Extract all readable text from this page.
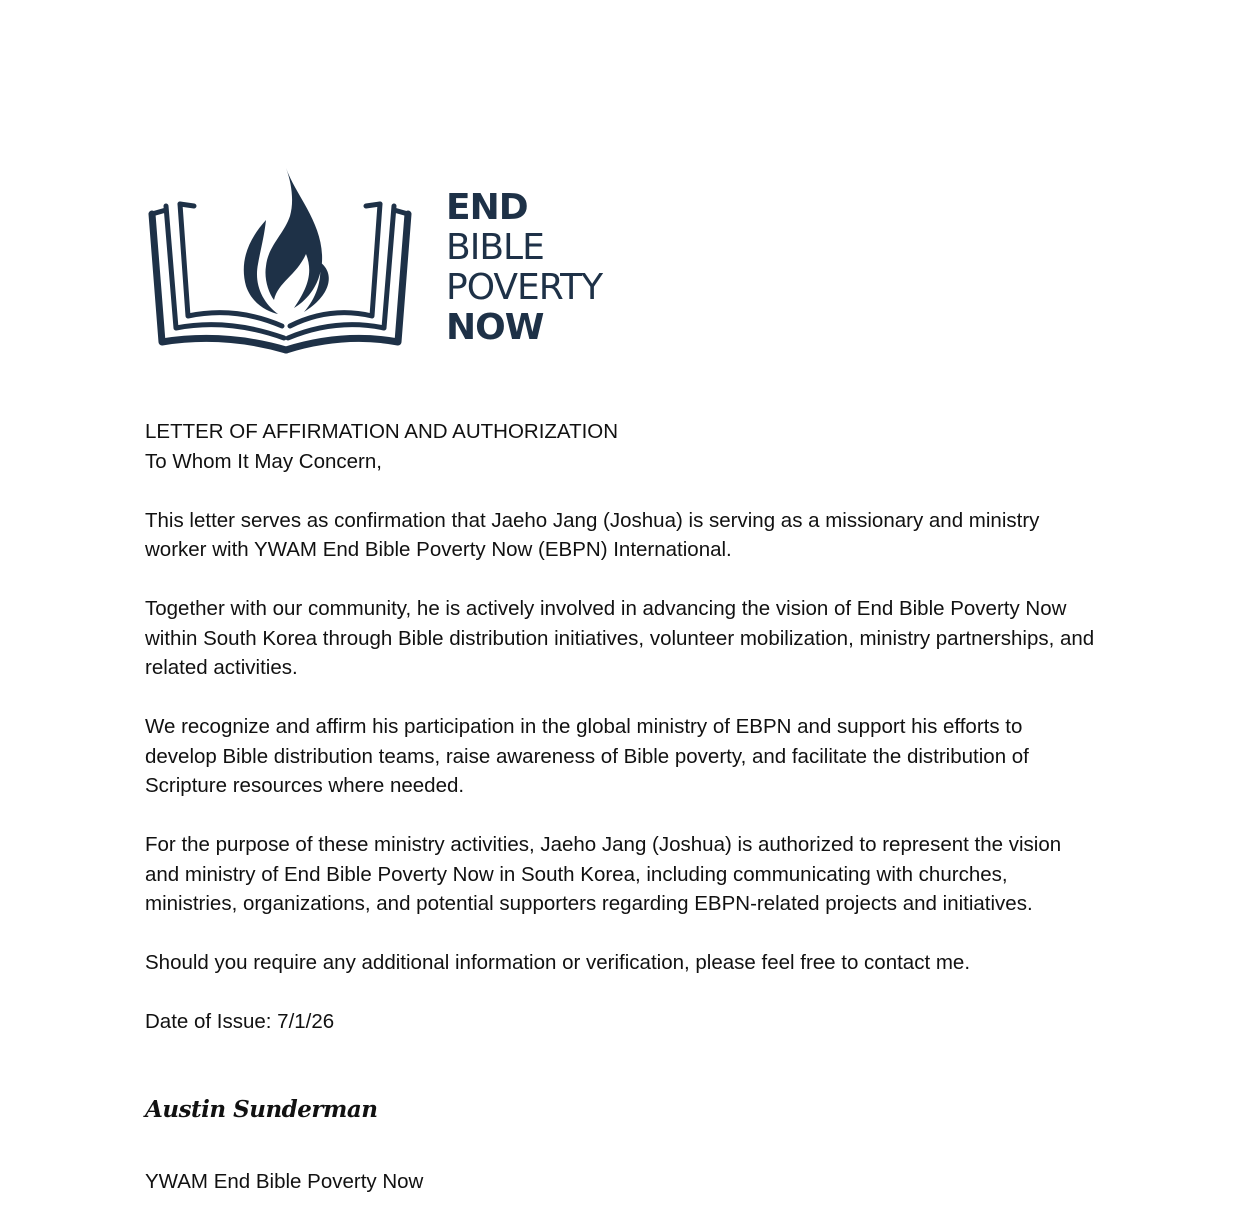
END
BIBLE
POVERTY
NOW

LETTER OF AFFIRMATION AND AUTHORIZATION

To Whom It May Concern,

This letter serves as confirmation that Jaeho Jang (Joshua) is serving as a missionary and ministry worker with YWAM End Bible Poverty Now (EBPN) International.

Together with our community, he is actively involved in advancing the vision of End Bible Poverty Now within South Korea through Bible distribution initiatives, volunteer mobilization, ministry partnerships, and related activities.

We recognize and affirm his participation in the global ministry of EBPN and support his efforts to develop Bible distribution teams, raise awareness of Bible poverty, and facilitate the distribution of Scripture resources where needed.

For the purpose of these ministry activities, Jaeho Jang (Joshua) is authorized to represent the vision and ministry of End Bible Poverty Now in South Korea, including communicating with churches, ministries, organizations, and potential supporters regarding EBPN-related projects and initiatives.

Should you require any additional information or verification, please feel free to contact me.

Date of Issue: 7/1/26

Austin Sunderman
YWAM End Bible Poverty Now
